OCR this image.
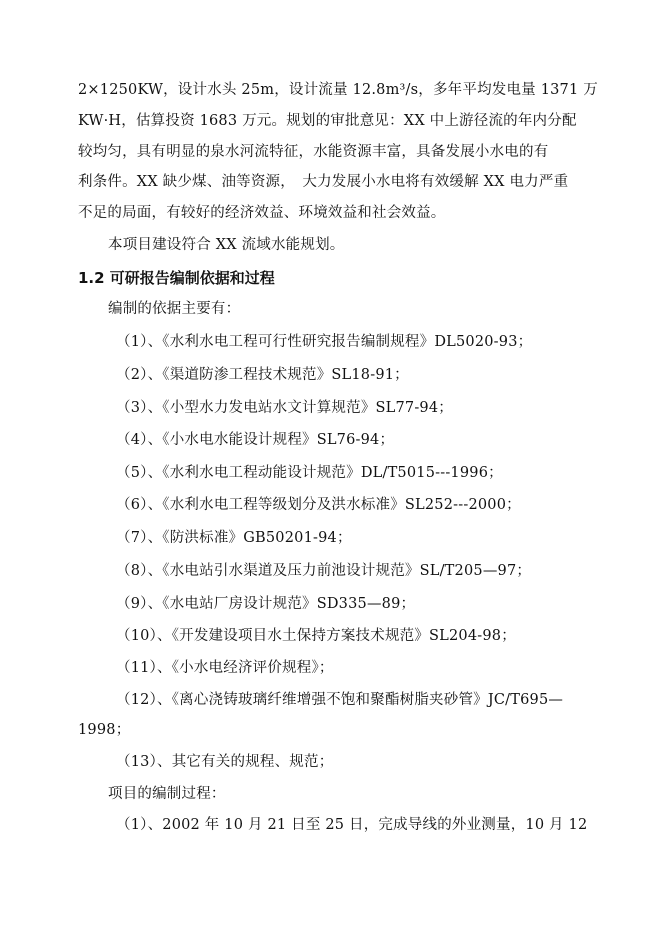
2×1250KW，设计水头 25m，设计流量 12.8m³/s，多年平均发电量 1371 万
KW·H，估算投资 1683 万元。规划的审批意见：XX 中上游径流的年内分配
较均匀，具有明显的泉水河流特征，水能资源丰富，具备发展小水电的有
利条件。XX 缺少煤、油等资源，　大力发展小水电将有效缓解 XX 电力严重
不足的局面，有较好的经济效益、环境效益和社会效益。
本项目建设符合 XX 流域水能规划。
1.2 可研报告编制依据和过程
编制的依据主要有：
（1）、《水利水电工程可行性研究报告编制规程》DL5020-93；
（2）、《渠道防渗工程技术规范》SL18-91；
（3）、《小型水力发电站水文计算规范》SL77-94；
（4）、《小水电水能设计规程》SL76-94；
（5）、《水利水电工程动能设计规范》DL/T5015---1996；
（6）、《水利水电工程等级划分及洪水标准》SL252---2000；
（7）、《防洪标准》GB50201-94；
（8）、《水电站引水渠道及压力前池设计规范》SL/T205—97；
（9）、《水电站厂房设计规范》SD335—89；
（10）、《开发建设项目水土保持方案技术规范》SL204-98；
（11）、《小水电经济评价规程》；
（12）、《离心浇铸玻璃纤维增强不饱和聚酯树脂夹砂管》JC/T695—
1998；
（13）、其它有关的规程、规范；
项目的编制过程：
（1）、2002 年 10 月 21 日至 25 日，完成导线的外业测量，10 月 12
